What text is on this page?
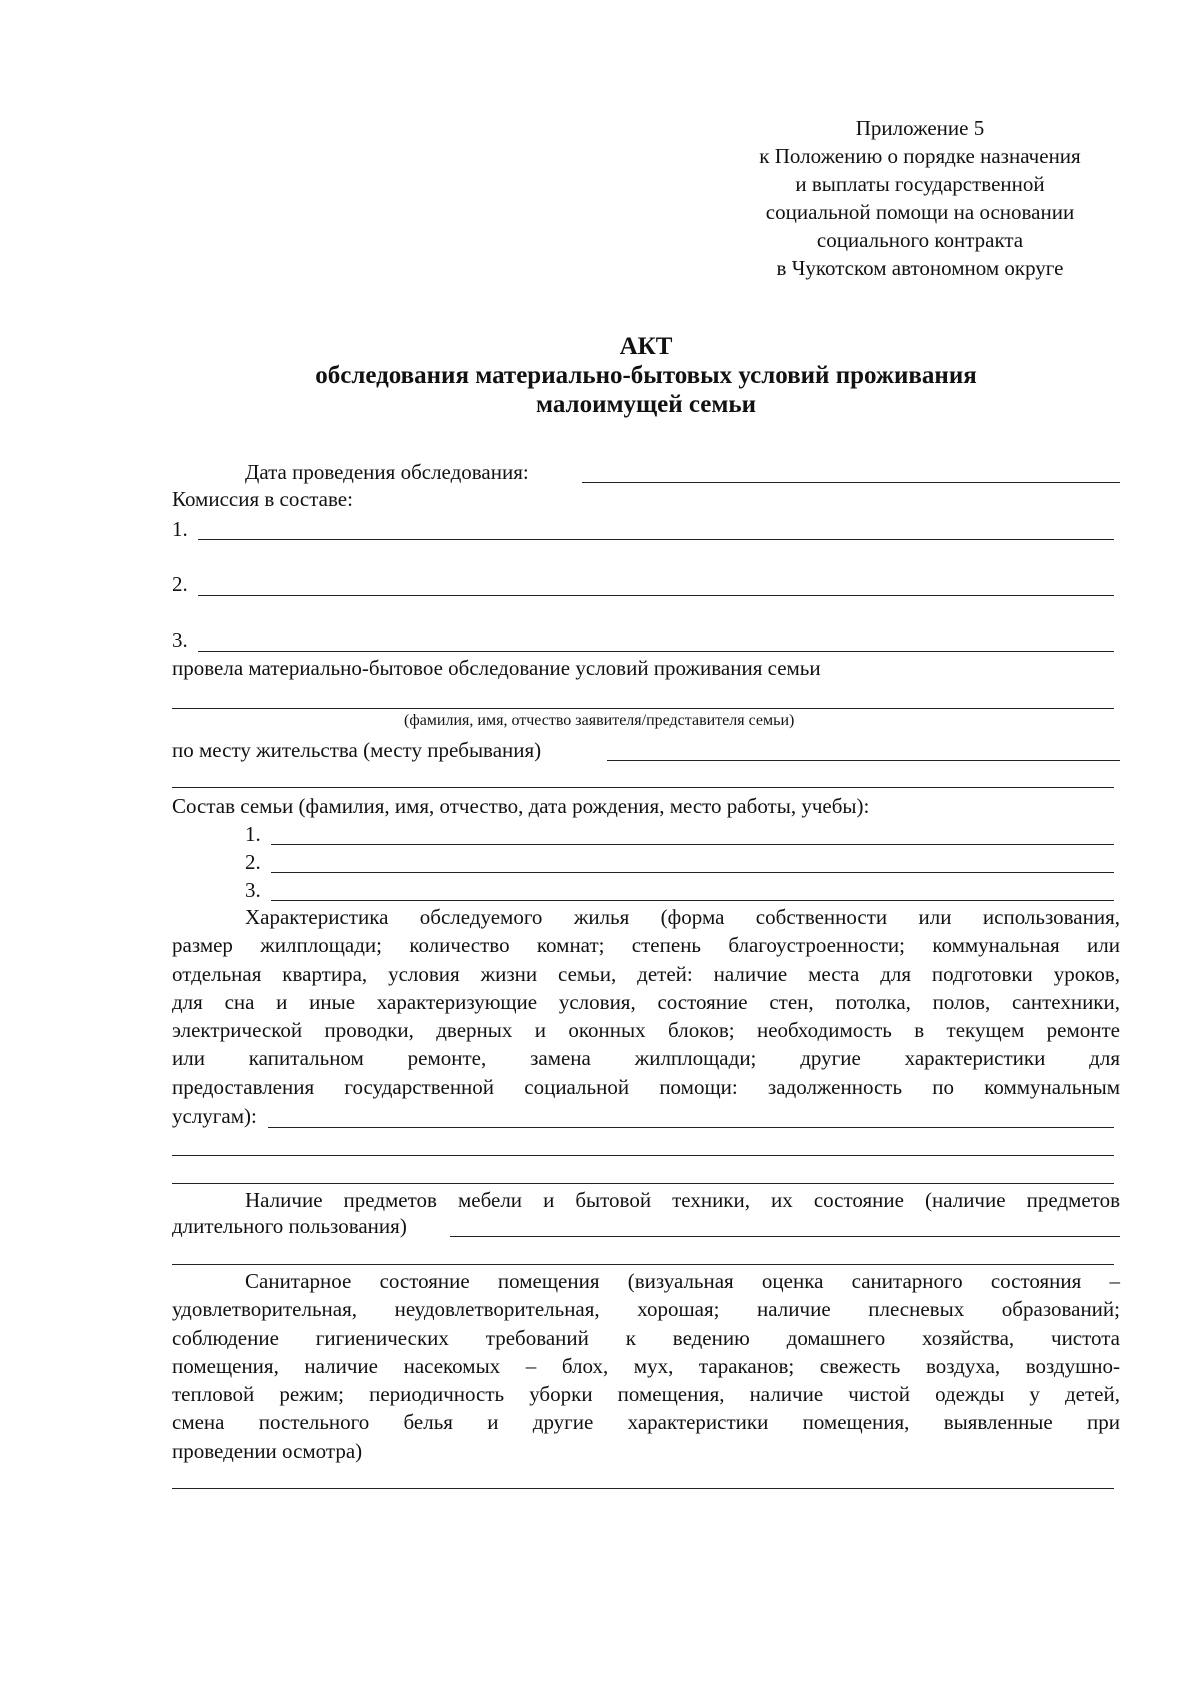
Приложение 5
к Положению о порядке назначения
и выплаты государственной
социальной помощи на основании
социального контракта
в Чукотском автономном округе
АКТ
обследования материально-бытовых условий проживания
малоимущей семьи
Дата проведения обследования:
Комиссия в составе:
1.
2.
3.
провела материально-бытовое обследование условий проживания семьи
(фамилия, имя, отчество заявителя/представителя семьи)
по месту жительства (месту пребывания)
Состав семьи (фамилия, имя, отчество, дата рождения, место работы, учебы):
1.
2.
3.
Характеристика обследуемого жилья (форма собственности или использования,
размер жилплощади; количество комнат; степень благоустроенности; коммунальная или
отдельная квартира, условия жизни семьи, детей: наличие места для подготовки уроков,
для сна и иные характеризующие условия, состояние стен, потолка, полов, сантехники,
электрической проводки, дверных и оконных блоков; необходимость в текущем ремонте
или капитальном ремонте, замена жилплощади; другие характеристики для
предоставления государственной социальной помощи: задолженность по коммунальным
услугам):
Наличие предметов мебели и бытовой техники, их состояние (наличие предметов
длительного пользования)
Санитарное состояние помещения (визуальная оценка санитарного состояния –
удовлетворительная, неудовлетворительная, хорошая; наличие плесневых образований;
соблюдение гигиенических требований к ведению домашнего хозяйства, чистота
помещения, наличие насекомых – блох, мух, тараканов; свежесть воздуха, воздушно-
тепловой режим; периодичность уборки помещения, наличие чистой одежды у детей,
смена постельного белья и другие характеристики помещения, выявленные при
проведении осмотра)
